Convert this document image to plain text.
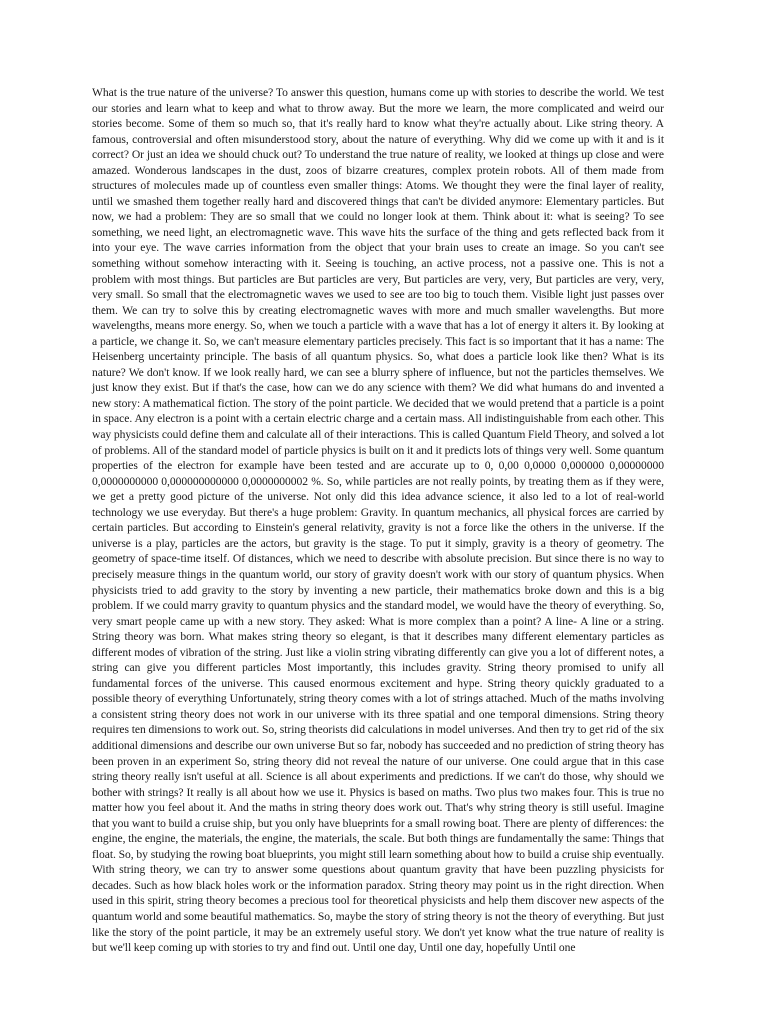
What is the true nature of the universe? To answer this question, humans come up with stories to describe the world. We test our stories and learn what to keep and what to throw away. But the more we learn, the more complicated and weird our stories become. Some of them so much so, that it's really hard to know what they're actually about. Like string theory. A famous, controversial and often misunderstood story, about the nature of everything. Why did we come up with it and is it correct? Or just an idea we should chuck out? To understand the true nature of reality, we looked at things up close and were amazed. Wonderous landscapes in the dust, zoos of bizarre creatures, complex protein robots. All of them made from structures of molecules made up of countless even smaller things: Atoms. We thought they were the final layer of reality, until we smashed them together really hard and discovered things that can't be divided anymore: Elementary particles. But now, we had a problem: They are so small that we could no longer look at them. Think about it: what is seeing? To see something, we need light, an electromagnetic wave. This wave hits the surface of the thing and gets reflected back from it into your eye. The wave carries information from the object that your brain uses to create an image. So you can't see something without somehow interacting with it. Seeing is touching, an active process, not a passive one. This is not a problem with most things. But particles are But particles are very, But particles are very, very, But particles are very, very, very small. So small that the electromagnetic waves we used to see are too big to touch them. Visible light just passes over them. We can try to solve this by creating electromagnetic waves with more and much smaller wavelengths. But more wavelengths, means more energy. So, when we touch a particle with a wave that has a lot of energy it alters it. By looking at a particle, we change it. So, we can't measure elementary particles precisely. This fact is so important that it has a name: The Heisenberg uncertainty principle. The basis of all quantum physics. So, what does a particle look like then? What is its nature? We don't know. If we look really hard, we can see a blurry sphere of influence, but not the particles themselves. We just know they exist. But if that's the case, how can we do any science with them? We did what humans do and invented a new story: A mathematical fiction. The story of the point particle. We decided that we would pretend that a particle is a point in space. Any electron is a point with a certain electric charge and a certain mass. All indistinguishable from each other. This way physicists could define them and calculate all of their interactions. This is called Quantum Field Theory, and solved a lot of problems. All of the standard model of particle physics is built on it and it predicts lots of things very well. Some quantum properties of the electron for example have been tested and are accurate up to 0, 0,00 0,0000 0,000000 0,00000000 0,0000000000 0,000000000000 0,0000000002 %. So, while particles are not really points, by treating them as if they were, we get a pretty good picture of the universe. Not only did this idea advance science, it also led to a lot of real-world technology we use everyday. But there's a huge problem: Gravity. In quantum mechanics, all physical forces are carried by certain particles. But according to Einstein's general relativity, gravity is not a force like the others in the universe. If the universe is a play, particles are the actors, but gravity is the stage. To put it simply, gravity is a theory of geometry. The geometry of space-time itself. Of distances, which we need to describe with absolute precision. But since there is no way to precisely measure things in the quantum world, our story of gravity doesn't work with our story of quantum physics. When physicists tried to add gravity to the story by inventing a new particle, their mathematics broke down and this is a big problem. If we could marry gravity to quantum physics and the standard model, we would have the theory of everything. So, very smart people came up with a new story. They asked: What is more complex than a point? A line- A line or a string. String theory was born. What makes string theory so elegant, is that it describes many different elementary particles as different modes of vibration of the string. Just like a violin string vibrating differently can give you a lot of different notes, a string can give you different particles Most importantly, this includes gravity. String theory promised to unify all fundamental forces of the universe. This caused enormous excitement and hype. String theory quickly graduated to a possible theory of everything Unfortunately, string theory comes with a lot of strings attached. Much of the maths involving a consistent string theory does not work in our universe with its three spatial and one temporal dimensions. String theory requires ten dimensions to work out. So, string theorists did calculations in model universes. And then try to get rid of the six additional dimensions and describe our own universe But so far, nobody has succeeded and no prediction of string theory has been proven in an experiment So, string theory did not reveal the nature of our universe. One could argue that in this case string theory really isn't useful at all. Science is all about experiments and predictions. If we can't do those, why should we bother with strings? It really is all about how we use it. Physics is based on maths. Two plus two makes four. This is true no matter how you feel about it. And the maths in string theory does work out. That's why string theory is still useful. Imagine that you want to build a cruise ship, but you only have blueprints for a small rowing boat. There are plenty of differences: the engine, the engine, the materials, the engine, the materials, the scale. But both things are fundamentally the same: Things that float. So, by studying the rowing boat blueprints, you might still learn something about how to build a cruise ship eventually. With string theory, we can try to answer some questions about quantum gravity that have been puzzling physicists for decades. Such as how black holes work or the information paradox. String theory may point us in the right direction. When used in this spirit, string theory becomes a precious tool for theoretical physicists and help them discover new aspects of the quantum world and some beautiful mathematics. So, maybe the story of string theory is not the theory of everything. But just like the story of the point particle, it may be an extremely useful story. We don't yet know what the true nature of reality is but we'll keep coming up with stories to try and find out. Until one day, Until one day, hopefully Until one
